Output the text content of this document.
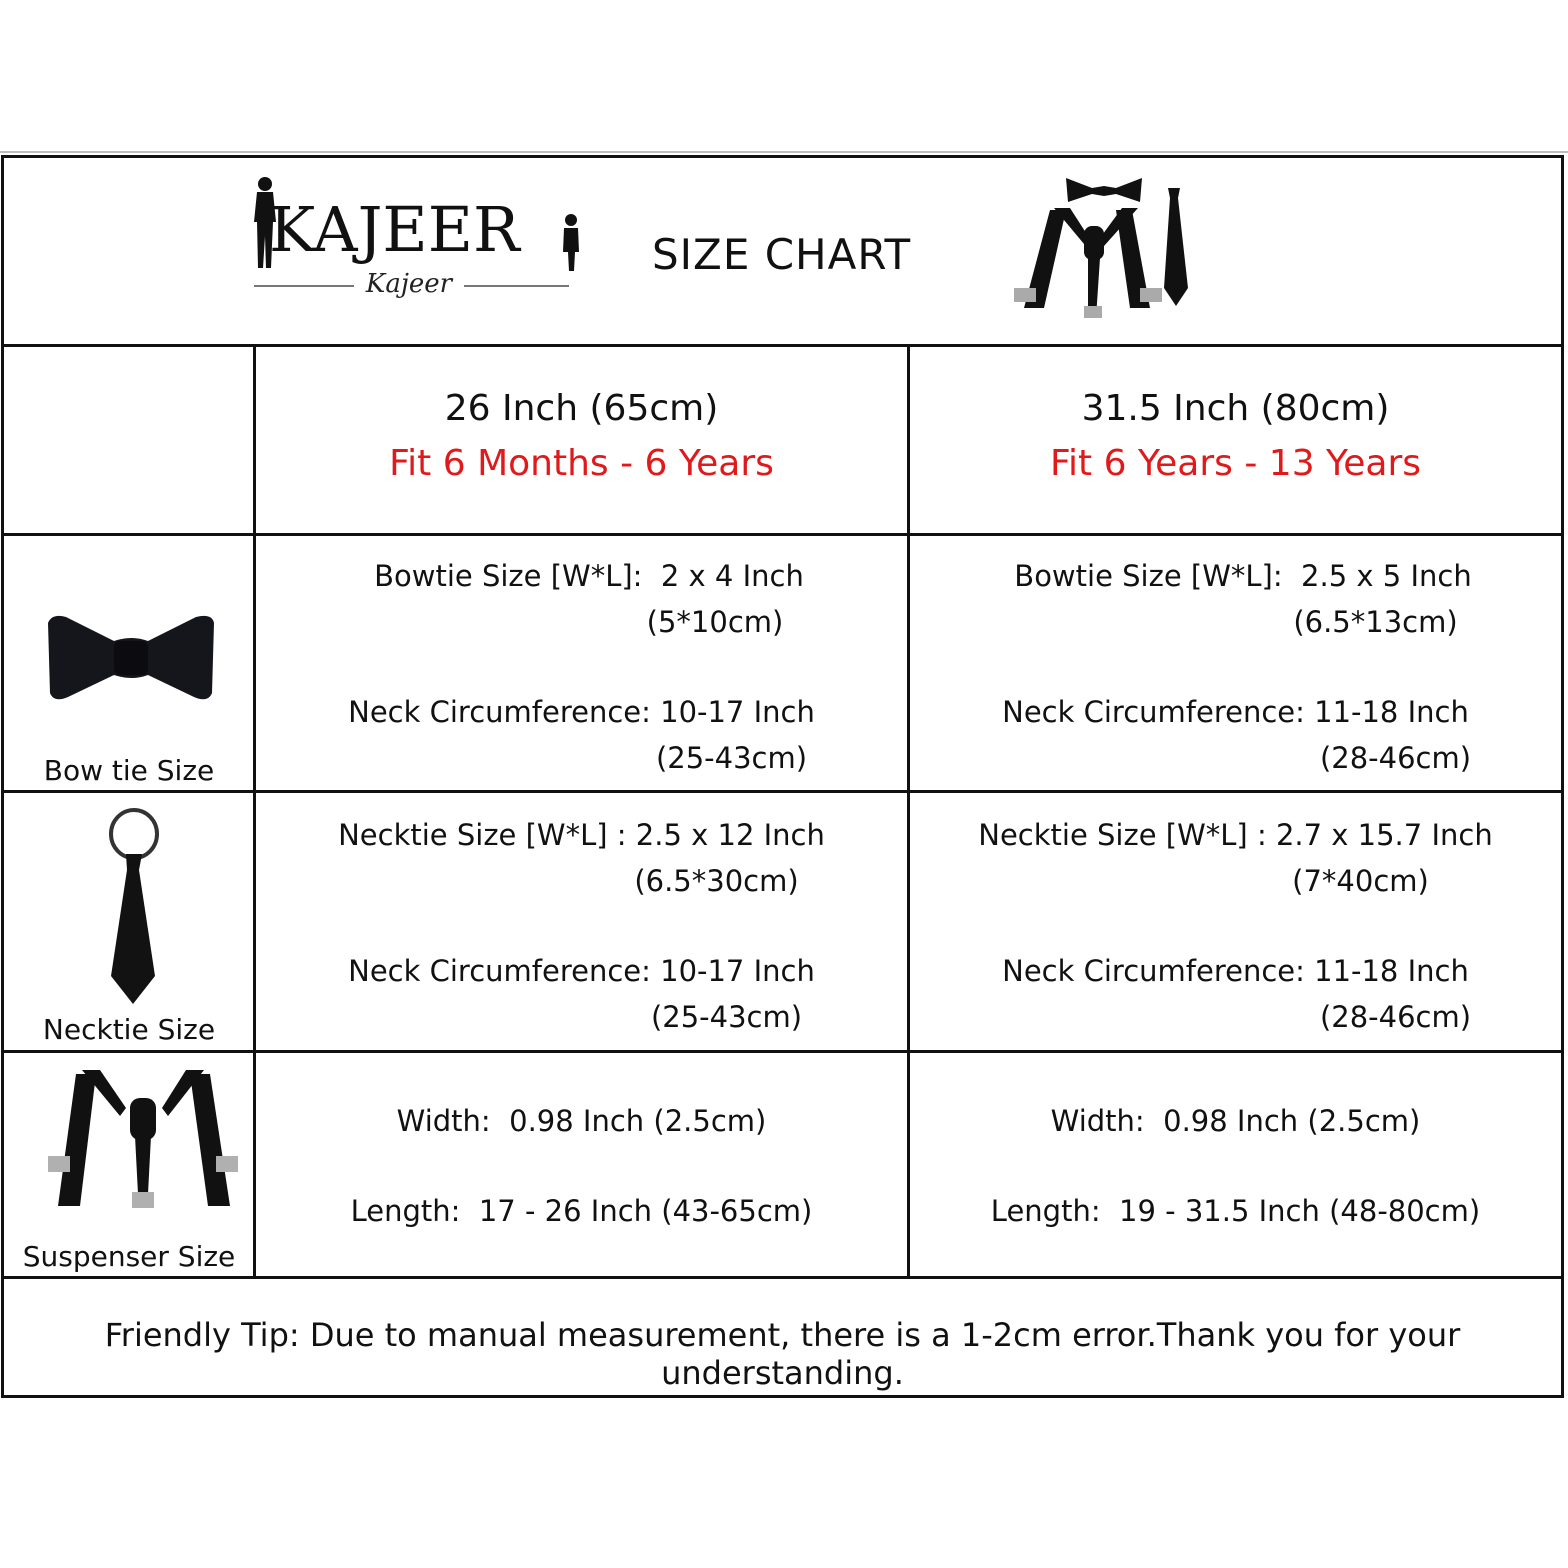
KAJEER
Kajeer
SIZE CHART
26 Inch (65cm)
Fit 6 Months - 6 Years
31.5 Inch (80cm)
Fit 6 Years - 13 Years
Bow tie Size
Bowtie Size [W*L]:  2 x 4 Inch
(5*10cm)
Neck Circumference: 10-17 Inch
(25-43cm)
Bowtie Size [W*L]:  2.5 x 5 Inch
(6.5*13cm)
Neck Circumference: 11-18 Inch
(28-46cm)
Necktie Size
Necktie Size [W*L] : 2.5 x 12 Inch
(6.5*30cm)
Neck Circumference: 10-17 Inch
(25-43cm)
Necktie Size [W*L] : 2.7 x 15.7 Inch
(7*40cm)
Neck Circumference: 11-18 Inch
(28-46cm)
Suspenser Size
Width:  0.98 Inch (2.5cm)
Length:  17 - 26 Inch (43-65cm)
Width:  0.98 Inch (2.5cm)
Length:  19 - 31.5 Inch (48-80cm)
Friendly Tip: Due to manual measurement, there is a 1-2cm error.Thank you for your understanding.
